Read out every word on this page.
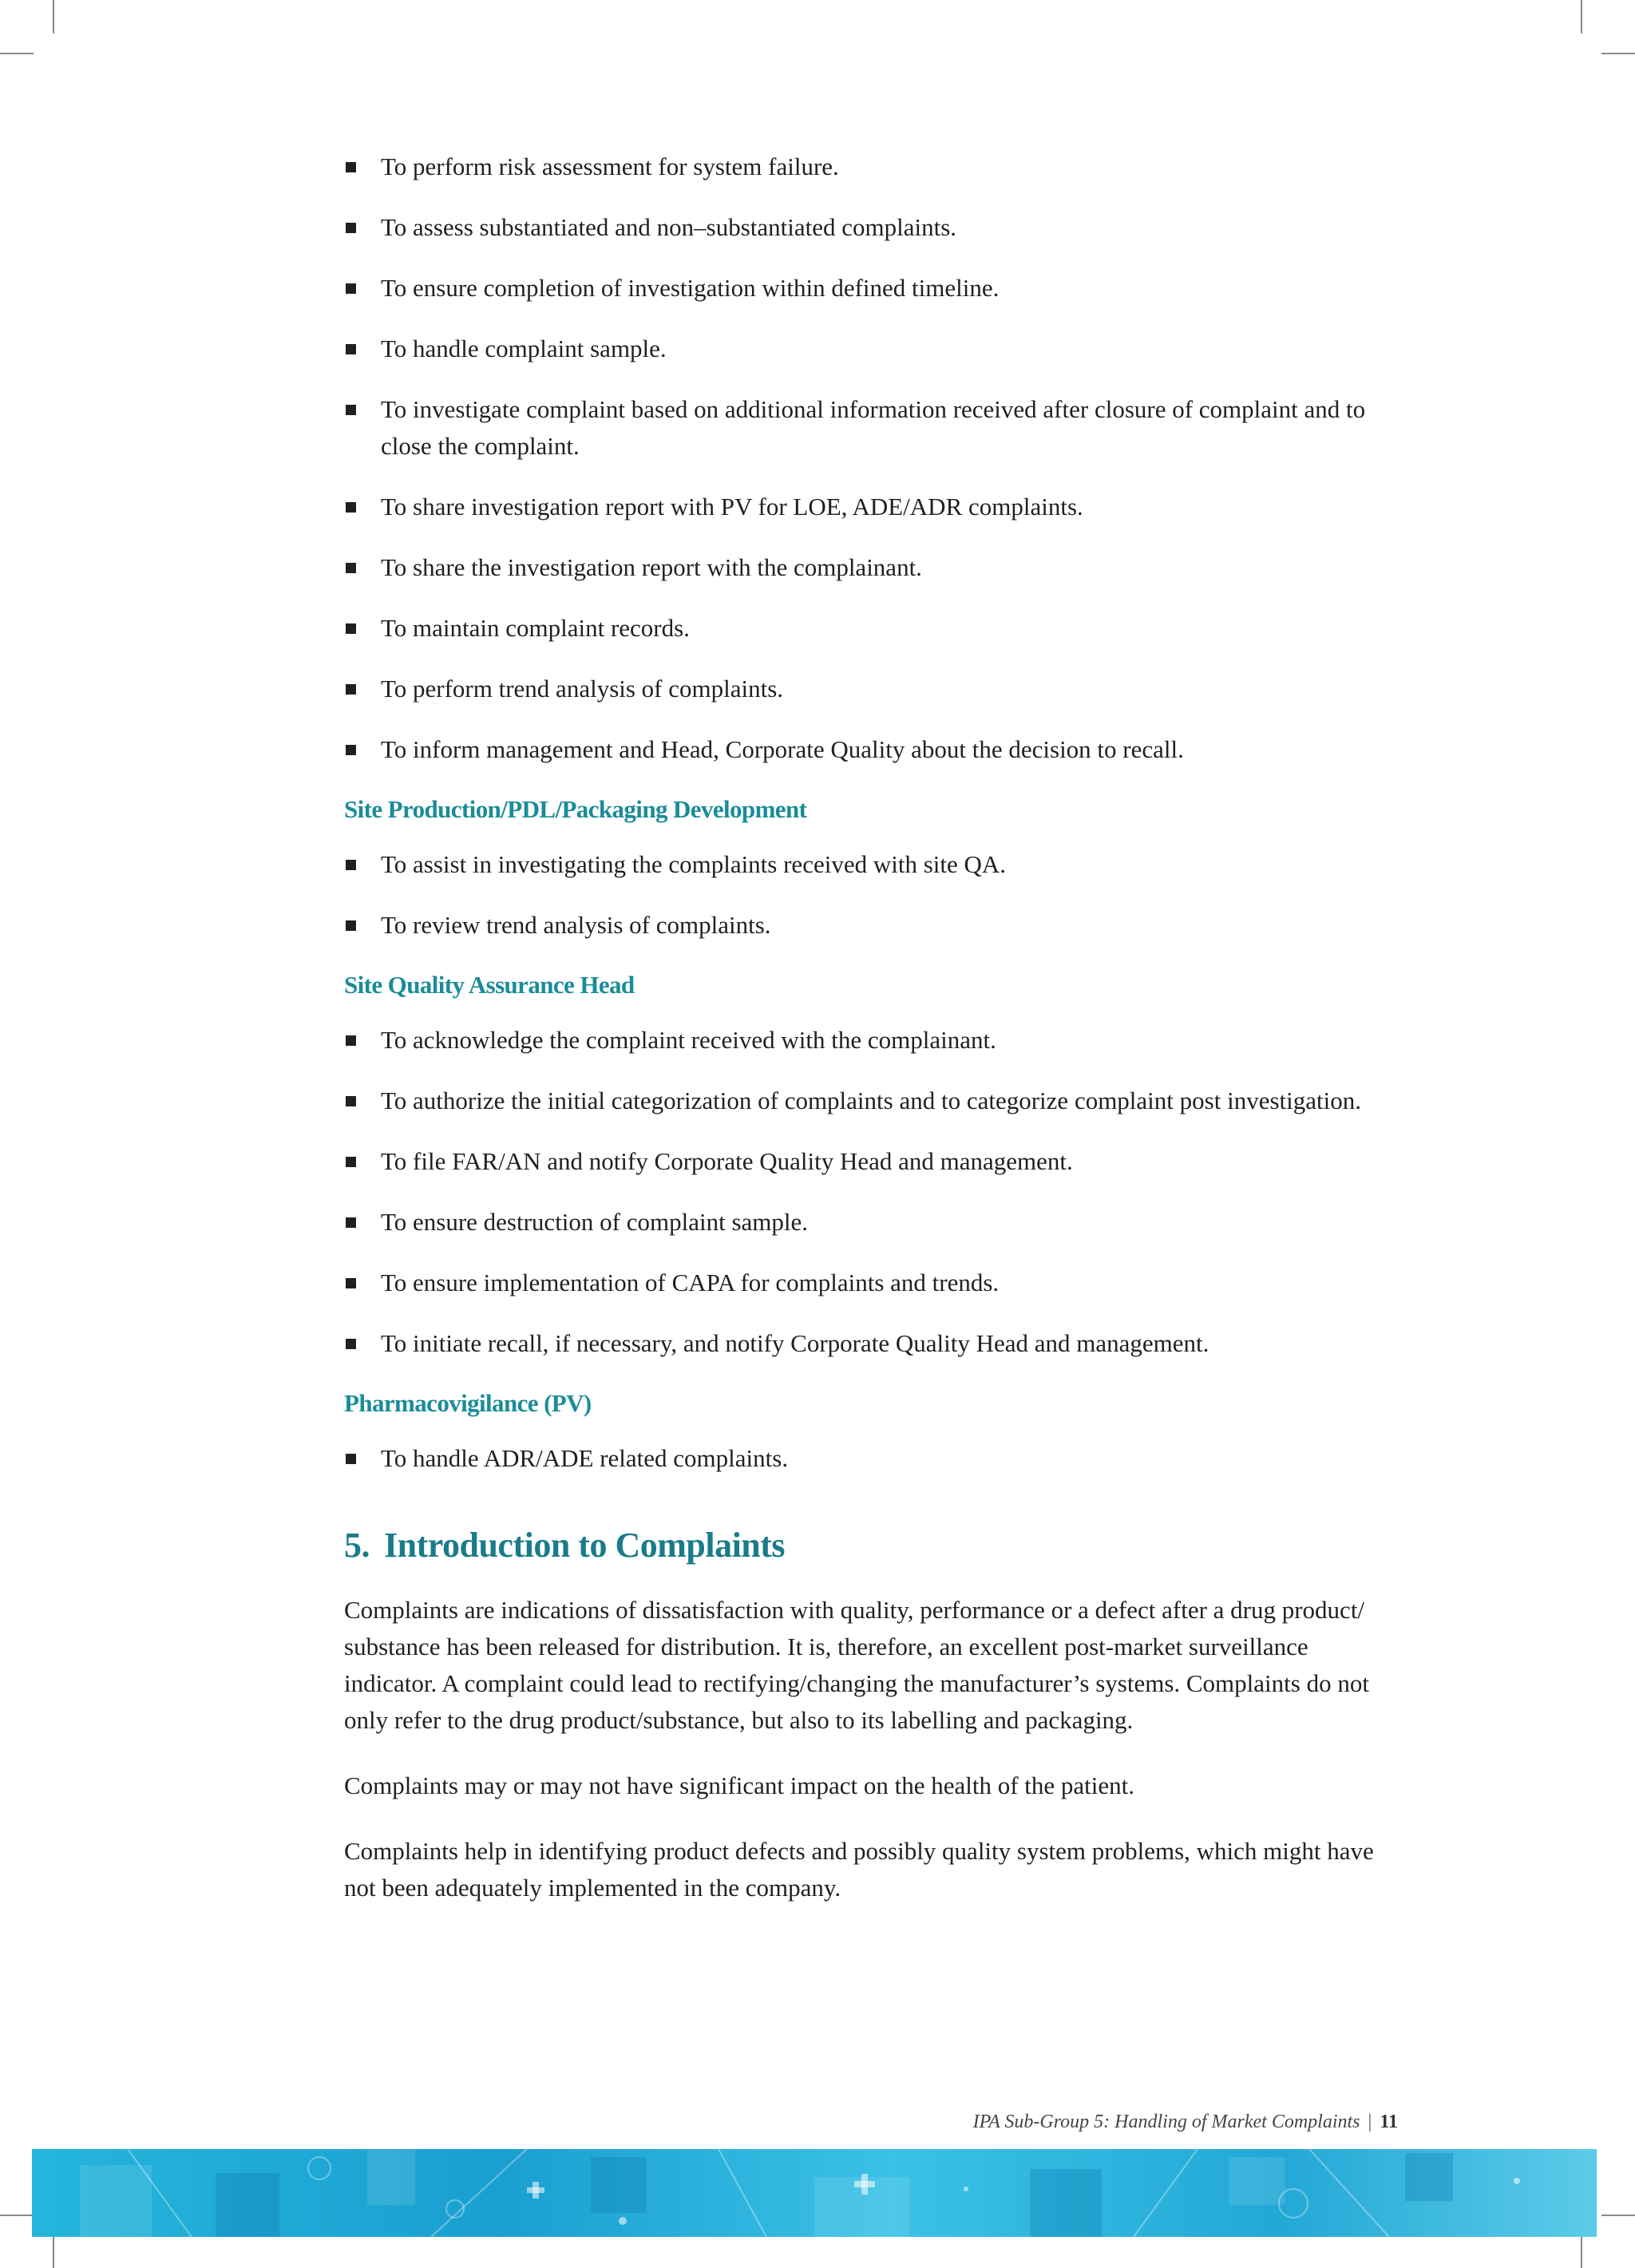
To perform risk assessment for system failure.
To assess substantiated and non–substantiated complaints.
To ensure completion of investigation within defined timeline.
To handle complaint sample.
To investigate complaint based on additional information received after closure of complaint and to close the complaint.
To share investigation report with PV for LOE, ADE/ADR complaints.
To share the investigation report with the complainant.
To maintain complaint records.
To perform trend analysis of complaints.
To inform management and Head, Corporate Quality about the decision to recall.
Site Production/PDL/Packaging Development
To assist in investigating the complaints received with site QA.
To review trend analysis of complaints.
Site Quality Assurance Head
To acknowledge the complaint received with the complainant.
To authorize the initial categorization of complaints and to categorize complaint post investigation.
To file FAR/AN and notify Corporate Quality Head and management.
To ensure destruction of complaint sample.
To ensure implementation of CAPA for complaints and trends.
To initiate recall, if necessary, and notify Corporate Quality Head and management.
Pharmacovigilance (PV)
To handle ADR/ADE related complaints.
5. Introduction to Complaints

Complaints are indications of dissatisfaction with quality, performance or a defect after a drug product/ substance has been released for distribution. It is, therefore, an excellent post-market surveillance indicator. A complaint could lead to rectifying/changing the manufacturer’s systems. Complaints do not only refer to the drug product/substance, but also to its labelling and packaging.

Complaints may or may not have significant impact on the health of the patient.

Complaints help in identifying product defects and possibly quality system problems, which might have not been adequately implemented in the company.

IPA Sub-Group 5: Handling of Market Complaints | 11
